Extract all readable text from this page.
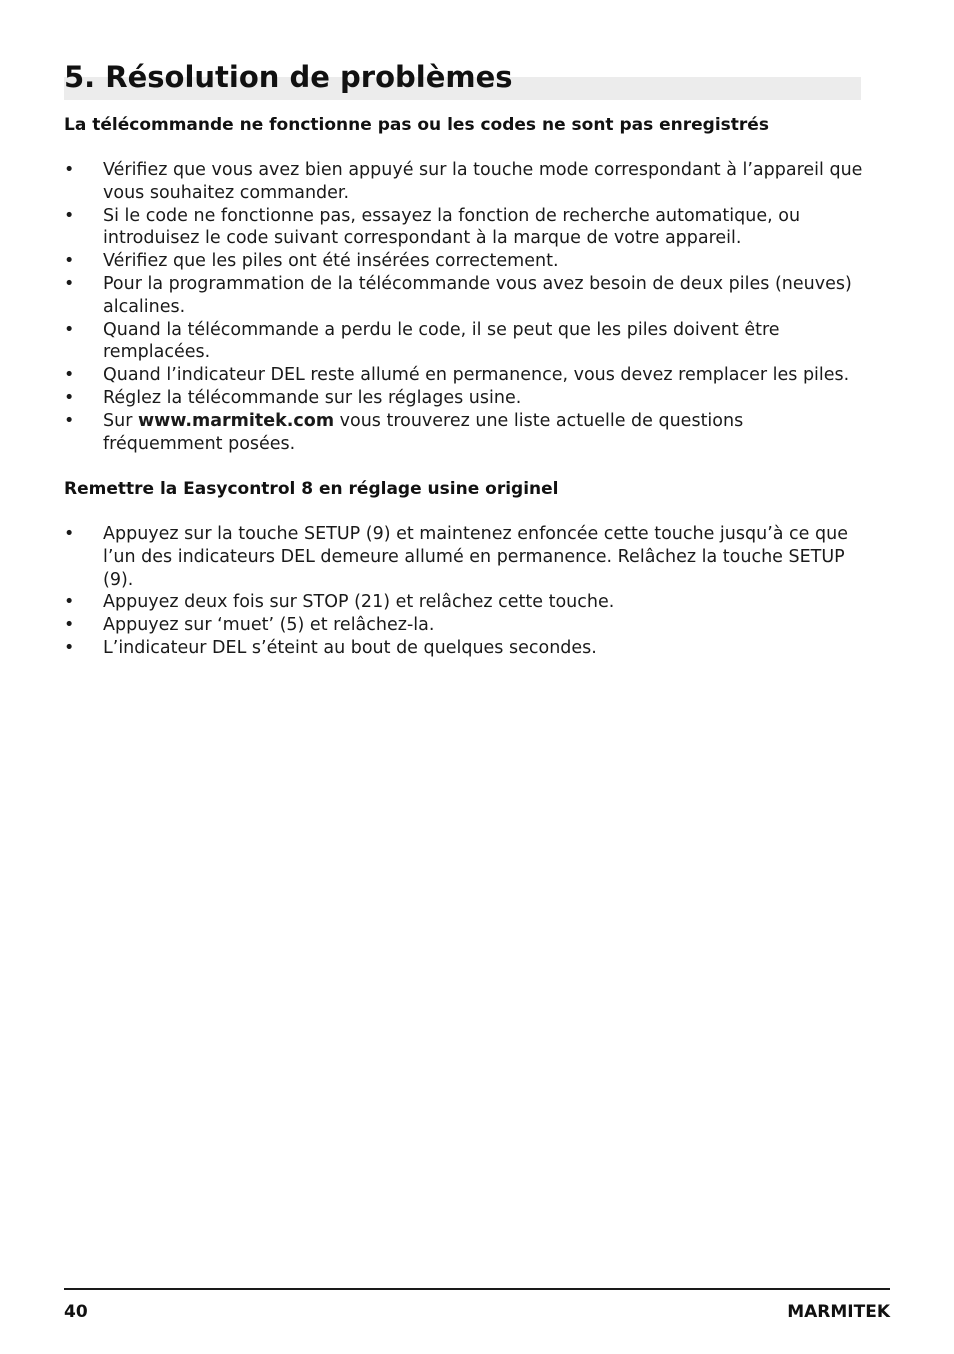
5. Résolution de problèmes
La télécommande ne fonctionne pas ou les codes ne sont pas enregistrés
• Vérifiez que vous avez bien appuyé sur la touche mode correspondant à l’appareil que vous souhaitez commander.
• Si le code ne fonctionne pas, essayez la fonction de recherche automatique, ou introduisez le code suivant correspondant à la marque de votre appareil.
• Vérifiez que les piles ont été insérées correctement.
• Pour la programmation de la télécommande vous avez besoin de deux piles (neuves) alcalines.
• Quand la télécommande a perdu le code, il se peut que les piles doivent être remplacées.
• Quand l’indicateur DEL reste allumé en permanence, vous devez remplacer les piles.
• Réglez la télécommande sur les réglages usine.
• Sur www.marmitek.com vous trouverez une liste actuelle de questions fréquemment posées.
Remettre la Easycontrol 8 en réglage usine originel
• Appuyez sur la touche SETUP (9) et maintenez enfoncée cette touche jusqu’à ce que l’un des indicateurs DEL demeure allumé en permanence. Relâchez la touche SETUP (9).
• Appuyez deux fois sur STOP (21) et relâchez cette touche.
• Appuyez sur ‘muet’ (5) et relâchez-la.
• L’indicateur DEL s’éteint au bout de quelques secondes.
40	MARMITEK
